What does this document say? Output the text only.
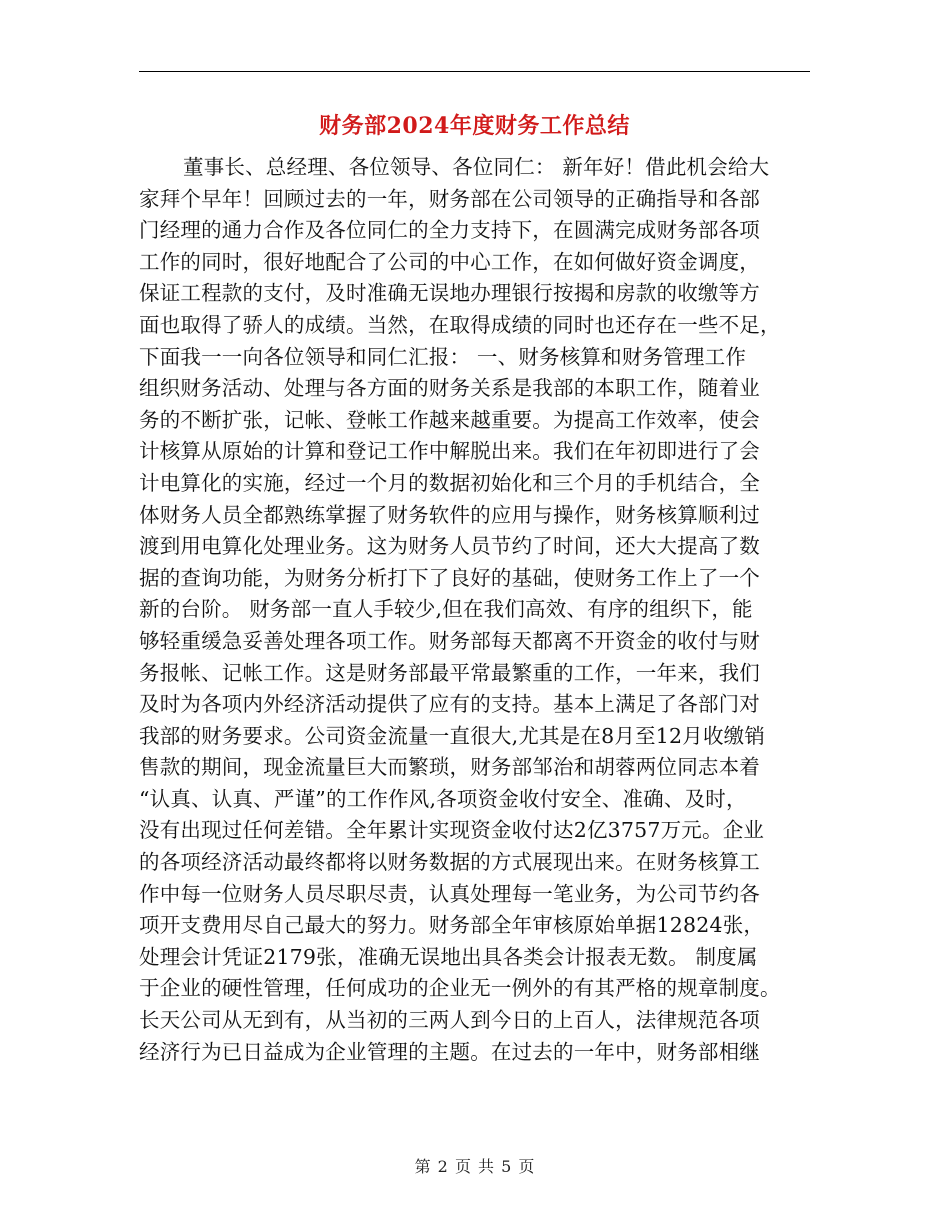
财务部2024年度财务工作总结
董事长、总经理、各位领导、各位同仁： 新年好！借此机会给大
家拜个早年！回顾过去的一年，财务部在公司领导的正确指导和各部
门经理的通力合作及各位同仁的全力支持下，在圆满完成财务部各项
工作的同时，很好地配合了公司的中心工作，在如何做好资金调度，
保证工程款的支付，及时准确无误地办理银行按揭和房款的收缴等方
面也取得了骄人的成绩。当然，在取得成绩的同时也还存在一些不足，
下面我一一向各位领导和同仁汇报： 一、财务核算和财务管理工作
组织财务活动、处理与各方面的财务关系是我部的本职工作，随着业
务的不断扩张，记帐、登帐工作越来越重要。为提高工作效率，使会
计核算从原始的计算和登记工作中解脱出来。我们在年初即进行了会
计电算化的实施，经过一个月的数据初始化和三个月的手机结合，全
体财务人员全都熟练掌握了财务软件的应用与操作，财务核算顺利过
渡到用电算化处理业务。这为财务人员节约了时间，还大大提高了数
据的查询功能，为财务分析打下了良好的基础，使财务工作上了一个
新的台阶。 财务部一直人手较少,但在我们高效、有序的组织下，能
够轻重缓急妥善处理各项工作。财务部每天都离不开资金的收付与财
务报帐、记帐工作。这是财务部最平常最繁重的工作，一年来，我们
及时为各项内外经济活动提供了应有的支持。基本上满足了各部门对
我部的财务要求。公司资金流量一直很大,尤其是在8月至12月收缴销
售款的期间，现金流量巨大而繁琐，财务部邹治和胡蓉两位同志本着
“认真、认真、严谨”的工作作风,各项资金收付安全、准确、及时，
没有出现过任何差错。全年累计实现资金收付达2亿3757万元。企业
的各项经济活动最终都将以财务数据的方式展现出来。在财务核算工
作中每一位财务人员尽职尽责，认真处理每一笔业务，为公司节约各
项开支费用尽自己最大的努力。财务部全年审核原始单据12824张，
处理会计凭证2179张，准确无误地出具各类会计报表无数。 制度属
于企业的硬性管理，任何成功的企业无一例外的有其严格的规章制度。
长天公司从无到有，从当初的三两人到今日的上百人，法律规范各项
经济行为已日益成为企业管理的主题。在过去的一年中，财务部相继
第 2 页 共 5 页
